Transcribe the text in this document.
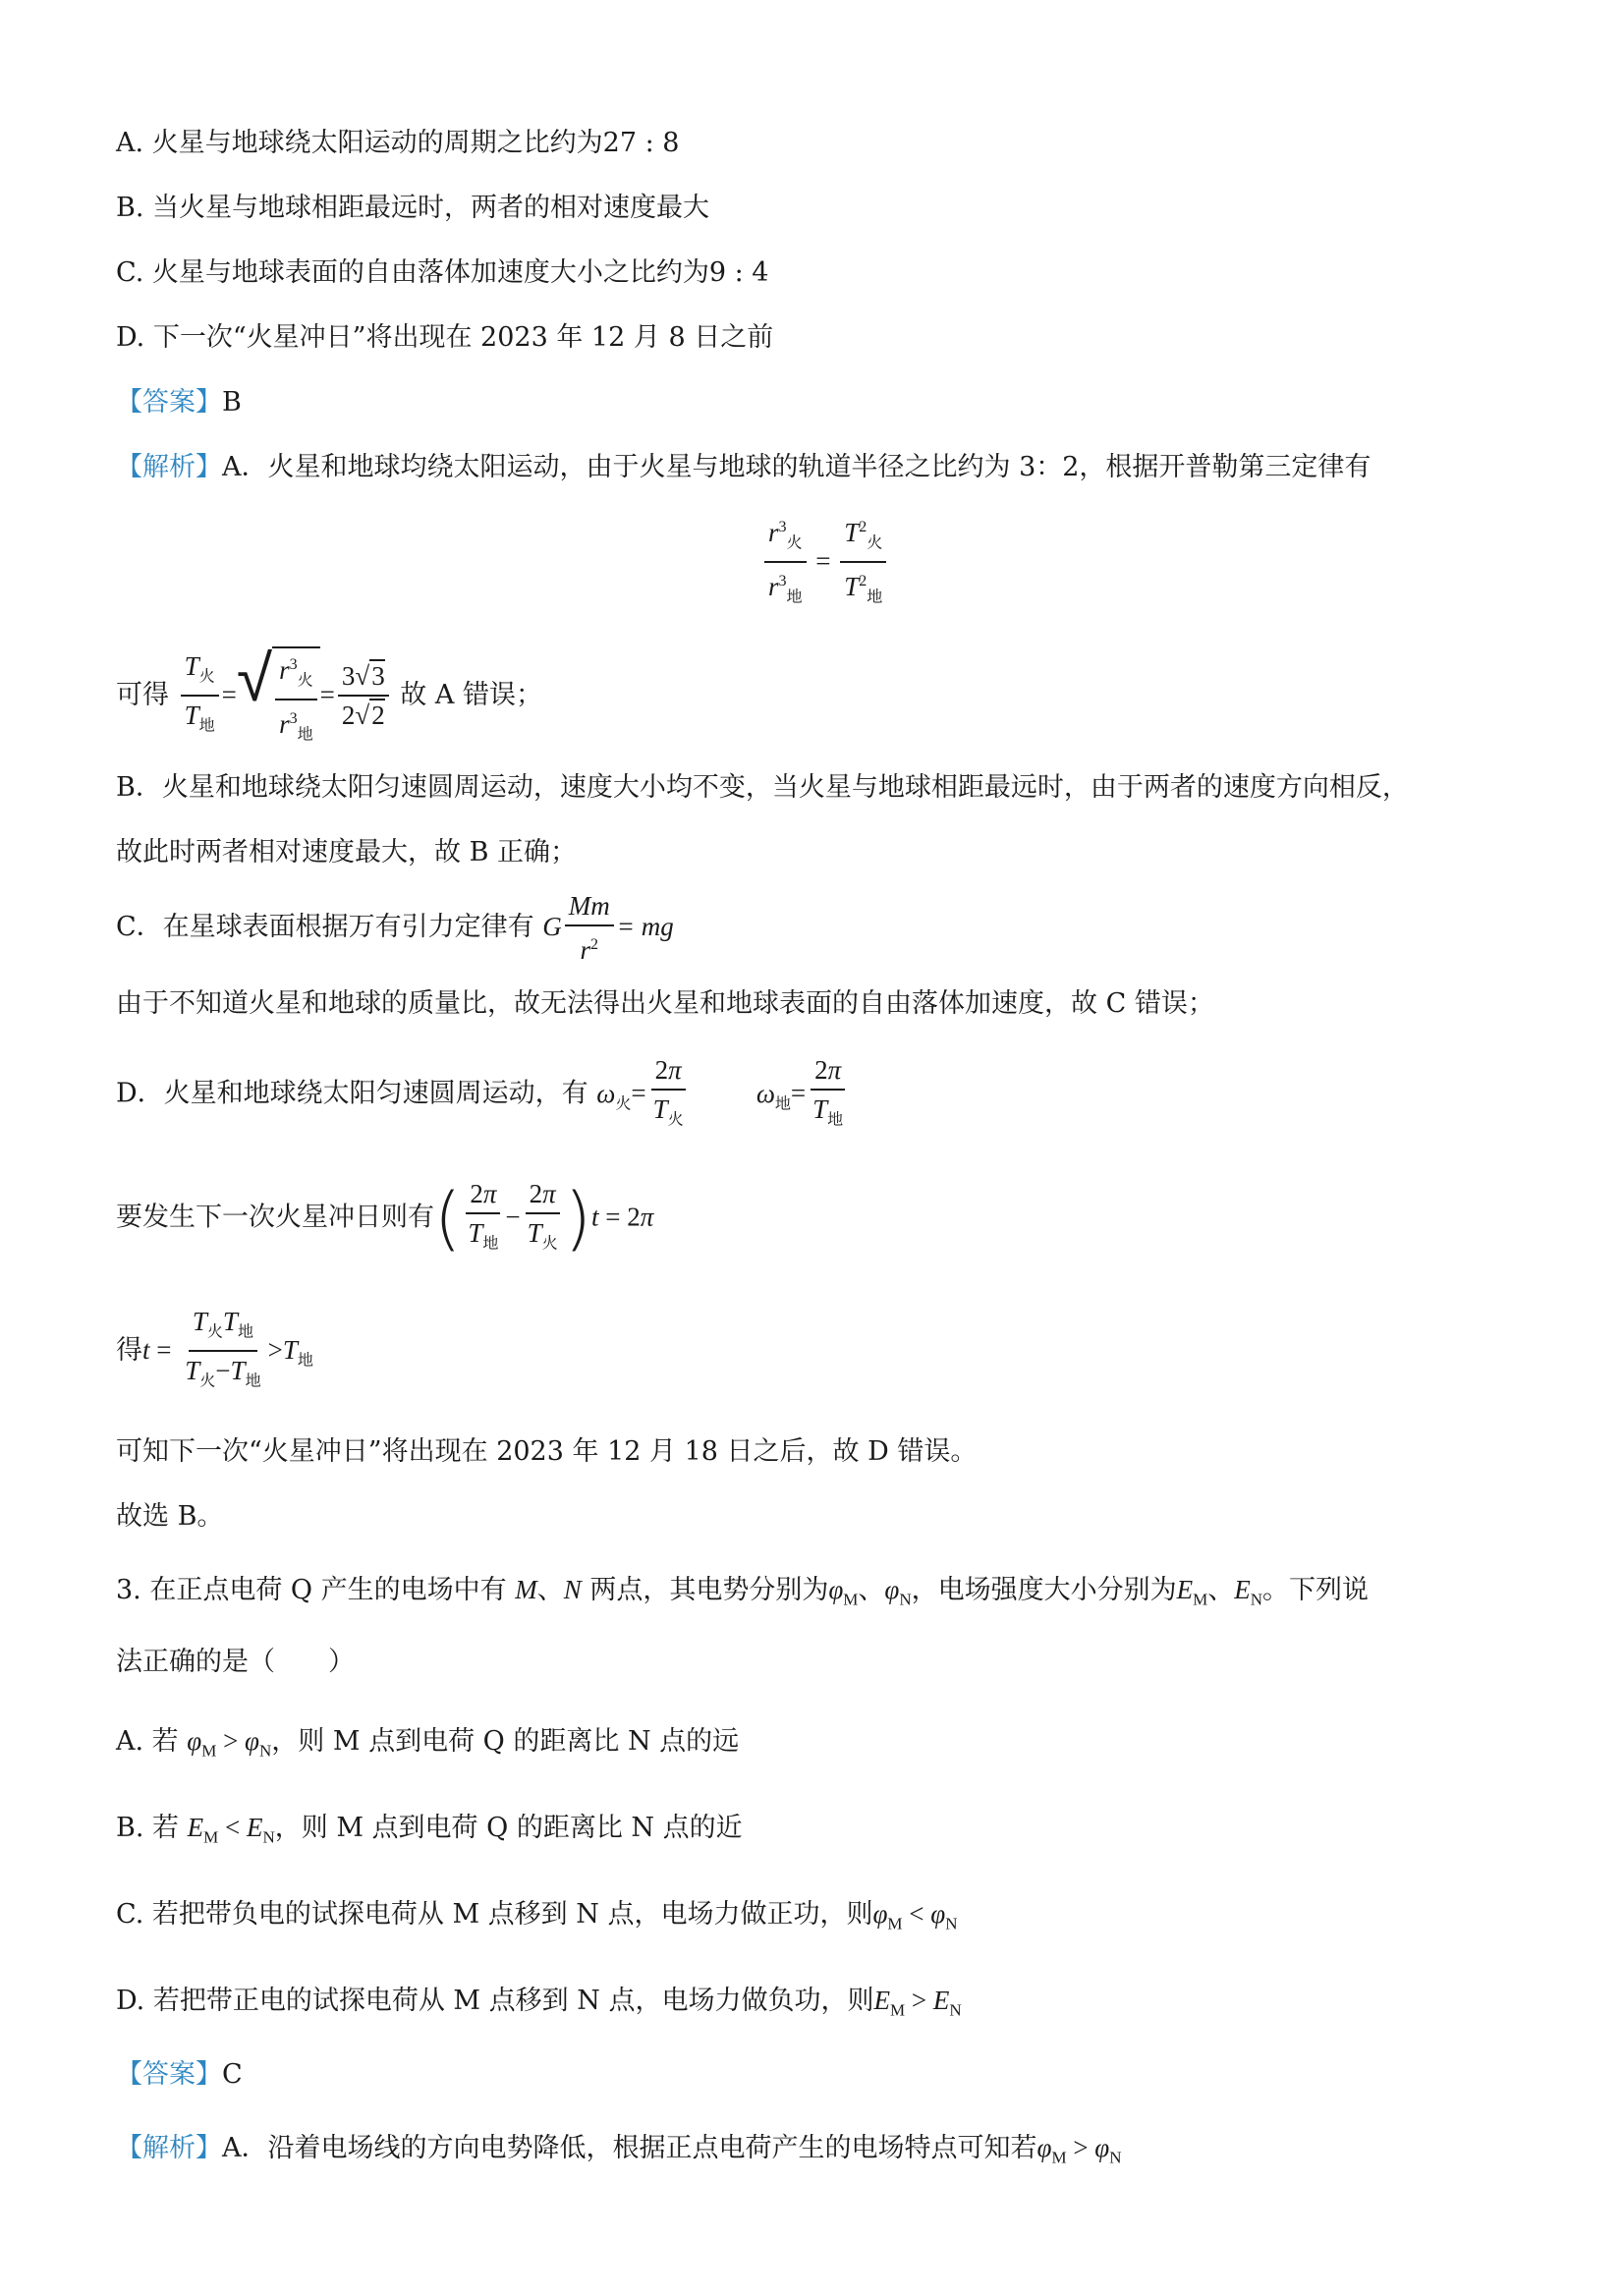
A. 火星与地球绕太阳运动的周期之比约为27 : 8
B. 当火星与地球相距最远时，两者的相对速度最大
C. 火星与地球表面的自由落体加速度大小之比约为9 : 4
D. 下一次“火星冲日”将出现在 2023 年 12 月 8 日之前
【答案】B
【解析】A．火星和地球均绕太阳运动，由于火星与地球的轨道半径之比约为 3：2，根据开普勒第三定律有
$\frac{r^3_火}{r^3_地} = \frac{T^2_火}{T^2_地}$
可得 $\frac{T_火}{T_地}$ = √ $\frac{r^3_火}{r^3_地} = \frac{3√3}{2√2}$ 故 A 错误；
B．火星和地球绕太阳匀速圆周运动，速度大小均不变，当火星与地球相距最远时，由于两者的速度方向相反，
故此时两者相对速度最大，故 B 正确；
C．在星球表面根据万有引力定律有 G $\frac{Mm}{r^2}$ = mg
由于不知道火星和地球的质量比，故无法得出火星和地球表面的自由落体加速度，故 C 错误；
D．火星和地球绕太阳匀速圆周运动，有 $\omega_火= \frac{2\pi}{T_火}$	$\omega_地= \frac{2\pi}{T_地}$
要发生下一次火星冲日则有( $\frac{2\pi}{T_地} - \frac{2\pi}{T_火} )t = 2\pi$
得$t = \frac{T_火T_地}{T_火-T_地} >T_地$
可知下一次“火星冲日”将出现在 2023 年 12 月 18 日之后，故 D 错误。
故选 B。
3. 在正点电荷 Q 产生的电场中有 M、N 两点，其电势分别为$\varphi_M$、$\varphi_N$，电场强度大小分别为$E_M$、$E_N$。下列说
法正确的是（　　）
A. 若 $\varphi_M > \varphi_N$，则 M 点到电荷 Q 的距离比 N 点的远
B. 若 $E_M < E_N$，则 M 点到电荷 Q 的距离比 N 点的近
C. 若把带负电的试探电荷从 M 点移到 N 点，电场力做正功，则$\varphi_M < \varphi_N$
D. 若把带正电的试探电荷从 M 点移到 N 点，电场力做负功，则$E_M > E_N$
【答案】C
【解析】A．沿着电场线的方向电势降低，根据正点电荷产生的电场特点可知若$\varphi_M > \varphi_N$
